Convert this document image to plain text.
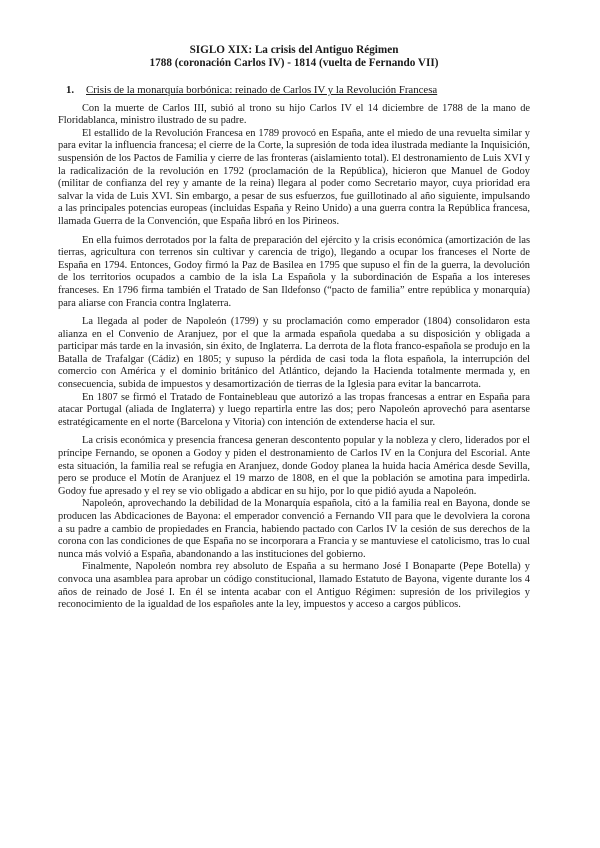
SIGLO XIX: La crisis del Antiguo Régimen
1788 (coronación Carlos IV) - 1814 (vuelta de Fernando VII)
1.	Crisis de la monarquía borbónica: reinado de Carlos IV y la Revolución Francesa

Con la muerte de Carlos III, subió al trono su hijo Carlos IV el 14 diciembre de 1788 de la mano de Floridablanca, ministro ilustrado de su padre.

El estallido de la Revolución Francesa en 1789 provocó en España, ante el miedo de una revuelta similar y para evitar la influencia francesa; el cierre de la Corte, la supresión de toda idea ilustrada mediante la Inquisición, suspensión de los Pactos de Familia y cierre de las fronteras (aislamiento total). El destronamiento de Luis XVI y la radicalización de la revolución en 1792 (proclamación de la República), hicieron que Manuel de Godoy (militar de confianza del rey y amante de la reina) llegara al poder como Secretario mayor, cuya prioridad era salvar la vida de Luis XVI. Sin embargo, a pesar de sus esfuerzos, fue guillotinado al año siguiente, impulsando a las principales potencias europeas (incluidas España y Reino Unido) a una guerra contra la República francesa, llamada Guerra de la Convención, que España libró en los Pirineos.

En ella fuimos derrotados por la falta de preparación del ejército y la crisis económica (amortización de las tierras, agricultura con terrenos sin cultivar y carencia de trigo), llegando a ocupar los franceses el Norte de España en 1794. Entonces, Godoy firmó la Paz de Basilea en 1795 que supuso el fin de la guerra, la devolución de los territorios ocupados a cambio de la isla La Española y la subordinación de España a los intereses franceses. En 1796 firma también el Tratado de San Ildefonso (“pacto de familia” entre república y monarquía) para aliarse con Francia contra Inglaterra.

La llegada al poder de Napoleón (1799) y su proclamación como emperador (1804) consolidaron esta alianza en el Convenio de Aranjuez, por el que la armada española quedaba a su disposición y obligada a participar más tarde en la invasión, sin éxito, de Inglaterra. La derrota de la flota franco-española se produjo en la Batalla de Trafalgar (Cádiz) en 1805; y supuso la pérdida de casi toda la flota española, la interrupción del comercio con América y el dominio británico del Atlántico, dejando la Hacienda totalmente mermada y, en consecuencia, subida de impuestos y desamortización de tierras de la Iglesia para evitar la bancarrota.

En 1807 se firmó el Tratado de Fontainebleau que autorizó a las tropas francesas a entrar en España para atacar Portugal (aliada de Inglaterra) y luego repartirla entre las dos; pero Napoleón aprovechó para asentarse estratégicamente en el norte (Barcelona y Vitoria) con intención de extenderse hacia el sur.

La crisis económica y presencia francesa generan descontento popular y la nobleza y clero, liderados por el príncipe Fernando, se oponen a Godoy y piden el destronamiento de Carlos IV en la Conjura del Escorial. Ante esta situación, la familia real se refugia en Aranjuez, donde Godoy planea la huida hacia América desde Sevilla, pero se produce el Motín de Aranjuez el 19 marzo de 1808, en el que la población se amotina para impedirla. Godoy fue apresado y el rey se vio obligado a abdicar en su hijo, por lo que pidió ayuda a Napoleón.

Napoleón, aprovechando la debilidad de la Monarquía española, citó a la familia real en Bayona, donde se producen las Abdicaciones de Bayona: el emperador convenció a Fernando VII para que le devolviera la corona a su padre a cambio de propiedades en Francia, habiendo pactado con Carlos IV la cesión de sus derechos de la corona con las condiciones de que España no se incorporara a Francia y se mantuviese el catolicismo, tras lo cual nunca más volvió a España, abandonando a las instituciones del gobierno.

Finalmente, Napoleón nombra rey absoluto de España a su hermano José I Bonaparte (Pepe Botella) y convoca una asamblea para aprobar un código constitucional, llamado Estatuto de Bayona, vigente durante los 4 años de reinado de José I. En él se intenta acabar con el Antiguo Régimen: supresión de los privilegios y reconocimiento de la igualdad de los españoles ante la ley, impuestos y acceso a cargos públicos.
